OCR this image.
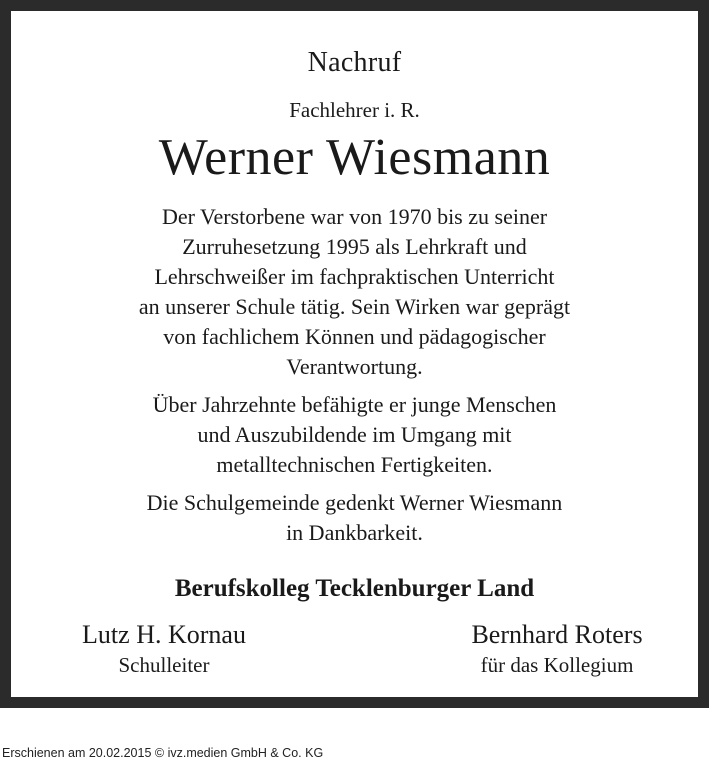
Nachruf
Fachlehrer i. R.
Werner Wiesmann
Der Verstorbene war von 1970 bis zu seiner
Zurruhesetzung 1995 als Lehrkraft und
Lehrschweißer im fachpraktischen Unterricht
an unserer Schule tätig. Sein Wirken war geprägt
von fachlichem Können und pädagogischer
Verantwortung.
Über Jahrzehnte befähigte er junge Menschen
und Auszubildende im Umgang mit
metalltechnischen Fertigkeiten.
Die Schulgemeinde gedenkt Werner Wiesmann
in Dankbarkeit.
Berufskolleg Tecklenburger Land
Lutz H. Kornau
Schulleiter
Bernhard Roters
für das Kollegium
Erschienen am 20.02.2015 © ivz.medien GmbH & Co. KG
